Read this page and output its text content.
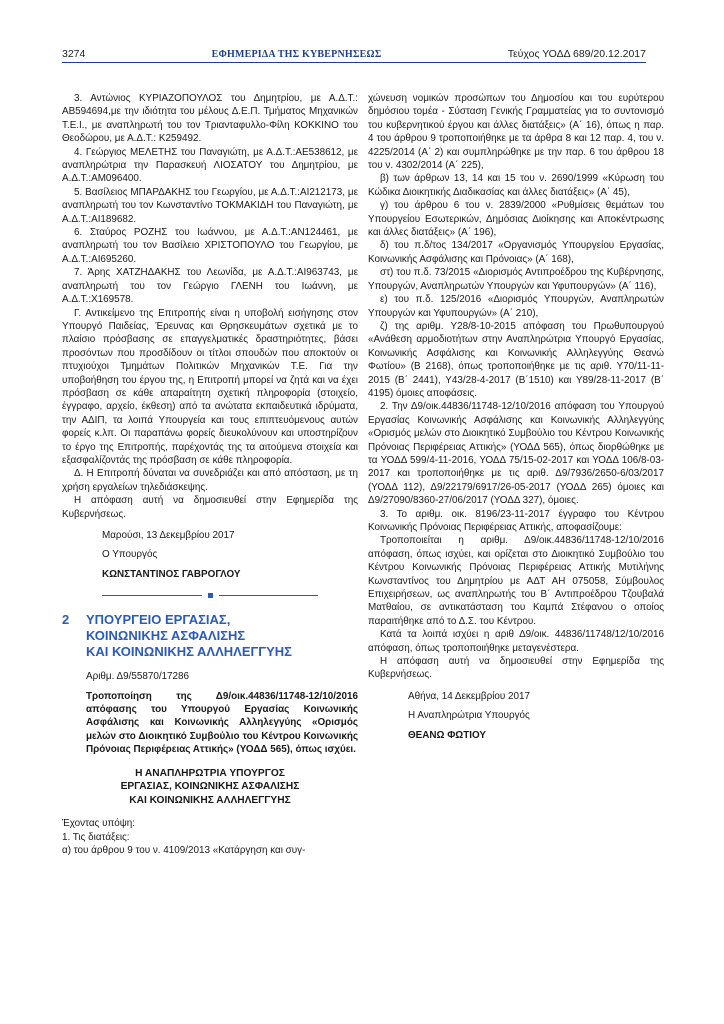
3274	ΕΦΗΜΕΡΙΔΑ ΤΗΣ ΚΥΒΕΡΝΗΣΕΩΣ	Τεύχος ΥΟΔΔ 689/20.12.2017

3. Αντώνιος ΚΥΡΙΑΖΟΠΟΥΛΟΣ του Δημητρίου, με Α.Δ.Τ.: ΑΒ594694,με την ιδιότητα του μέλους Δ.Ε.Π. Τμήματος Μηχανικών Τ.Ε.Ι., με αναπληρωτή του τον Τριανταφυλλο-Φίλη ΚΟΚΚΙΝΟ του Θεοδώρου, με Α.Δ.Τ.: Κ259492.

4. Γεώργιος ΜΕΛΕΤΗΣ του Παναγιώτη, με Α.Δ.Τ.:ΑΕ538612, με αναπληρώτρια την Παρασκευή ΛΙΟΣΑΤΟΥ του Δημητρίου, με Α.Δ.Τ.:ΑΜ096400.

5. Βασίλειος ΜΠΑΡΔΑΚΗΣ του Γεωργίου, με Α.Δ.Τ.:ΑΙ212173, με αναπληρωτή του τον Κωνσταντίνο ΤΟΚΜΑΚΙΔΗ του Παναγιώτη, με Α.Δ.Τ.:ΑΙ189682.

6. Σταύρος ΡΟΖΗΣ του Ιωάννου, με Α.Δ.Τ.:ΑΝ124461, με αναπληρωτή του τον Βασίλειο ΧΡΙΣΤΟΠΟΥΛΟ του Γεωργίου, με Α.Δ.Τ.:ΑΙ695260.

7. Άρης ΧΑΤΖΗΔΑΚΗΣ του Λεωνίδα, με Α.Δ.Τ.:ΑΙ963743, με αναπληρωτή του τον Γεώργιο ΓΛΕΝΗ του Ιωάννη, με Α.Δ.Τ.:Χ169578.

Γ. Αντικείμενο της Επιτροπής είναι η υποβολή εισήγησης στον Υπουργό Παιδείας, Έρευνας και Θρησκευμάτων σχετικά με το πλαίσιο πρόσβασης σε επαγγελματικές δραστηριότητες, βάσει προσόντων που προσδίδουν οι τίτλοι σπουδών που αποκτούν οι πτυχιούχοι Τμημάτων Πολιτικών Μηχανικών Τ.Ε. Για την υποβοήθηση του έργου της, η Επιτροπή μπορεί να ζητά και να έχει πρόσβαση σε κάθε απαραίτητη σχετική πληροφορία (στοιχείο, έγγραφο, αρχείο, έκθεση) από τα ανώτατα εκπαιδευτικά ιδρύματα, την ΑΔΙΠ, τα λοιπά Υπουργεία και τους επιπτευόμενους αυτών φορείς κ.λπ. Οι παραπάνω φορείς διευκολύνουν και υποστηρίζουν το έργο της Επιτροπής, παρέχοντάς της τα αιτούμενα στοιχεία και εξασφαλίζοντάς της πρόσβαση σε κάθε πληροφορία.

Δ. Η Επιτροπή δύναται να συνεδριάζει και από απόσταση, με τη χρήση εργαλείων τηλεδιάσκεψης.

Η απόφαση αυτή να δημοσιευθεί στην Εφημερίδα της Κυβερνήσεως.

Μαρούσι, 13 Δεκεμβρίου 2017

Ο Υπουργός

ΚΩΝΣΤΑΝΤΙΝΟΣ ΓΑΒΡΟΓΛΟΥ

2	ΥΠΟΥΡΓΕΙΟ ΕΡΓΑΣΙΑΣ,
ΚΟΙΝΩΝΙΚΗΣ ΑΣΦΑΛΙΣΗΣ
ΚΑΙ ΚΟΙΝΩΝΙΚΗΣ ΑΛΛΗΛΕΓΓΥΗΣ

Αριθμ. Δ9/55870/17286

Τροποποίηση της Δ9/οικ.44836/11748-12/10/2016 απόφασης του Υπουργού Εργασίας Κοινωνικής Ασφάλισης και Κοινωνικής Αλληλεγγύης «Ορισμός μελών στο Διοικητικό Συμβούλιο του Κέντρου Κοινωνικής Πρόνοιας Περιφέρειας Αττικής» (ΥΟΔΔ 565), όπως ισχύει.

Η ΑΝΑΠΛΗΡΩΤΡΙΑ ΥΠΟΥΡΓΟΣ
ΕΡΓΑΣΙΑΣ, ΚΟΙΝΩΝΙΚΗΣ ΑΣΦΑΛΙΣΗΣ
ΚΑΙ ΚΟΙΝΩΝΙΚΗΣ ΑΛΛΗΛΕΓΓΥΗΣ

Έχοντας υπόψη:

1. Τις διατάξεις:

α) του άρθρου 9 του ν. 4109/2013 «Κατάργηση και συγ-

χώνευση νομικών προσώπων του Δημοσίου και του ευρύτερου δημόσιου τομέα - Σύσταση Γενικής Γραμματείας για το συντονισμό του κυβερνητικού έργου και άλλες διατάξεις» (Α΄ 16), όπως η παρ. 4 του άρθρου 9 τροποποιήθηκε με τα άρθρα 8 και 12 παρ. 4, του ν. 4225/2014 (Α΄ 2) και συμπληρώθηκε με την παρ. 6 του άρθρου 18 του ν. 4302/2014 (Α΄ 225),

β) των άρθρων 13, 14 και 15 του ν. 2690/1999 «Κύρωση του Κώδικα Διοικητικής Διαδικασίας και άλλες διατάξεις» (Α΄ 45),

γ) του άρθρου 6 του ν. 2839/2000 «Ρυθμίσεις θεμάτων του Υπουργείου Εσωτερικών, Δημόσιας Διοίκησης και Αποκέντρωσης και άλλες διατάξεις» (Α΄ 196),

δ) του π.δ/τος 134/2017 «Οργανισμός Υπουργείου Εργασίας, Κοινωνικής Ασφάλισης και Πρόνοιας» (Α΄ 168),

στ) του π.δ. 73/2015 «Διορισμός Αντιπροέδρου της Κυβέρνησης, Υπουργών, Αναπληρωτών Υπουργών και Υφυπουργών» (Α΄ 116),

ε) του π.δ. 125/2016 «Διορισμός Υπουργών, Αναπληρωτών Υπουργών και Υφυπουργών» (Α΄ 210),

ζ) της αριθμ. Υ28/8-10-2015 απόφαση του Πρωθυπουργού «Ανάθεση αρμοδιοτήτων στην Αναπληρώτρια Υπουργό Εργασίας, Κοινωνικής Ασφάλισης και Κοινωνικής Αλληλεγγύης Θεανώ Φωτίου» (Β 2168), όπως τροποποιήθηκε με τις αριθ. Υ70/11-11-2015 (Β΄ 2441), Υ43/28-4-2017 (Β΄1510) και Υ89/28-11-2017 (Β΄ 4195) όμοιες αποφάσεις.

2. Την Δ9/οικ.44836/11748-12/10/2016 απόφαση του Υπουργού Εργασίας Κοινωνικής Ασφάλισης και Κοινωνικής Αλληλεγγύης «Ορισμός μελών στο Διοικητικό Συμβούλιο του Κέντρου Κοινωνικής Πρόνοιας Περιφέρειας Αττικής» (ΥΟΔΔ 565), όπως διορθώθηκε με τα ΥΟΔΔ 599/4-11-2016, ΥΟΔΔ 75/15-02-2017 και ΥΟΔΔ 106/8-03-2017 και τροποποιήθηκε με τις αριθ. Δ9/7936/2650-6/03/2017 (ΥΟΔΔ 112), Δ9/22179/6917/26-05-2017 (ΥΟΔΔ 265) όμοιες και Δ9/27090/8360-27/06/2017 (ΥΟΔΔ 327), όμοιες.

3. Το αριθμ. οικ. 8196/23-11-2017 έγγραφο του Κέντρου Κοινωνικής Πρόνοιας Περιφέρειας Αττικής, αποφασίζουμε:

Τροποποιείται η αριθμ. Δ9/οικ.44836/11748-12/10/2016 απόφαση, όπως ισχύει, και ορίζεται στο Διοικητικό Συμβούλιο του Κέντρου Κοινωνικής Πρόνοιας Περιφέρειας Αττικής Μυτιλήνης Κωνσταντίνος του Δημητρίου με ΑΔΤ ΑΗ 075058, Σύμβουλος Επιχειρήσεων, ως αναπληρωτής του Β΄ Αντιπροέδρου Τζουβαλά Ματθαίου, σε αντικατάσταση του Καμπά Στέφανου ο οποίος παραιτήθηκε από το Δ.Σ. του Κέντρου.

Κατά τα λοιπά ισχύει η αριθ Δ9/οικ. 44836/11748/12/10/2016 απόφαση, όπως τροποποιήθηκε μεταγενέστερα.

Η απόφαση αυτή να δημοσιευθεί στην Εφημερίδα της Κυβερνήσεως.

Αθήνα, 14 Δεκεμβρίου 2017

Η Αναπληρώτρια Υπουργός

ΘΕΑΝΩ ΦΩΤΙΟΥ
